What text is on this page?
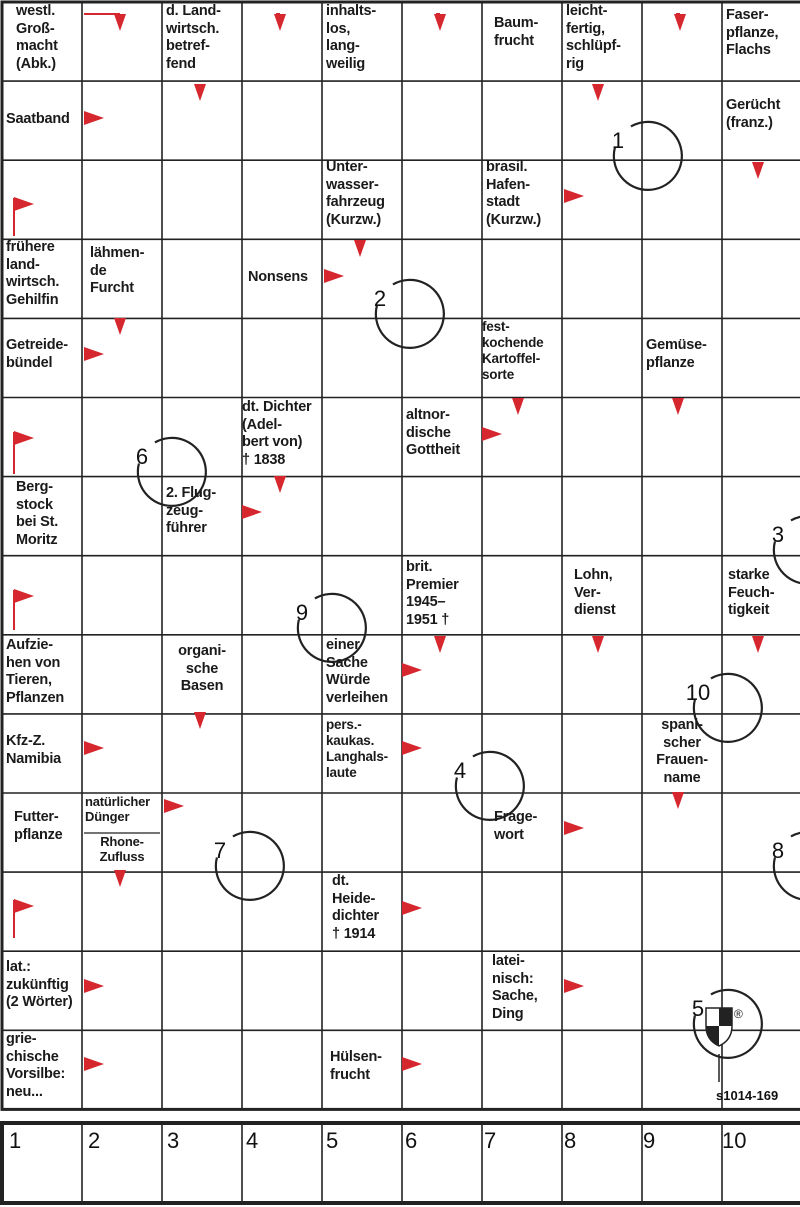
1
2
3
4
5
6
7	8
9
10
®
westl.
Groß-
macht
(Abk.)
d. Land-
wirtsch.
betref-
fend
inhalts-
los,
lang-
weilig
Baum-
frucht
leicht-
fertig,
schlüpf-
rig
Faser-
pflanze,
Flachs
Saatband
Gerücht
(franz.)
Unter-
wasser-
fahrzeug
(Kurzw.)
brasil.
Hafen-
stadt
(Kurzw.)
frühere
land-
wirtsch.
Gehilfin
lähmen-
de
Furcht
Nonsens
Getreide-
bündel
fest-
kochende
Kartoffel-
sorte
Gemüse-
pflanze
dt. Dichter
(Adel-
bert von)
† 1838
altnor-
dische
Gottheit
Berg-
stock
bei St.
Moritz
2. Flug-
zeug-
führer
brit.
Premier
1945–
1951 †
Lohn,
Ver-
dienst
starke
Feuch-
tigkeit
Aufzie-
hen von
Tieren,
Pflanzen
organi-
sche
Basen
einer
Sache
Würde
verleihen
Kfz-Z.
Namibia
pers.-
kaukas.
Langhals-
laute
spani-
scher
Frauen-
name
Futter-
pflanze
natürlicher
Dünger
Rhone-
Zufluss
Frage-
wort
dt.
Heide-
dichter
† 1914
lat.:
zukünftig
(2 Wörter)
latei-
nisch:
Sache,
Ding
grie-
chische
Vorsilbe:
neu...
Hülsen-
frucht
s1014-169
1	2	3	4	5	6	7	8	9	10
